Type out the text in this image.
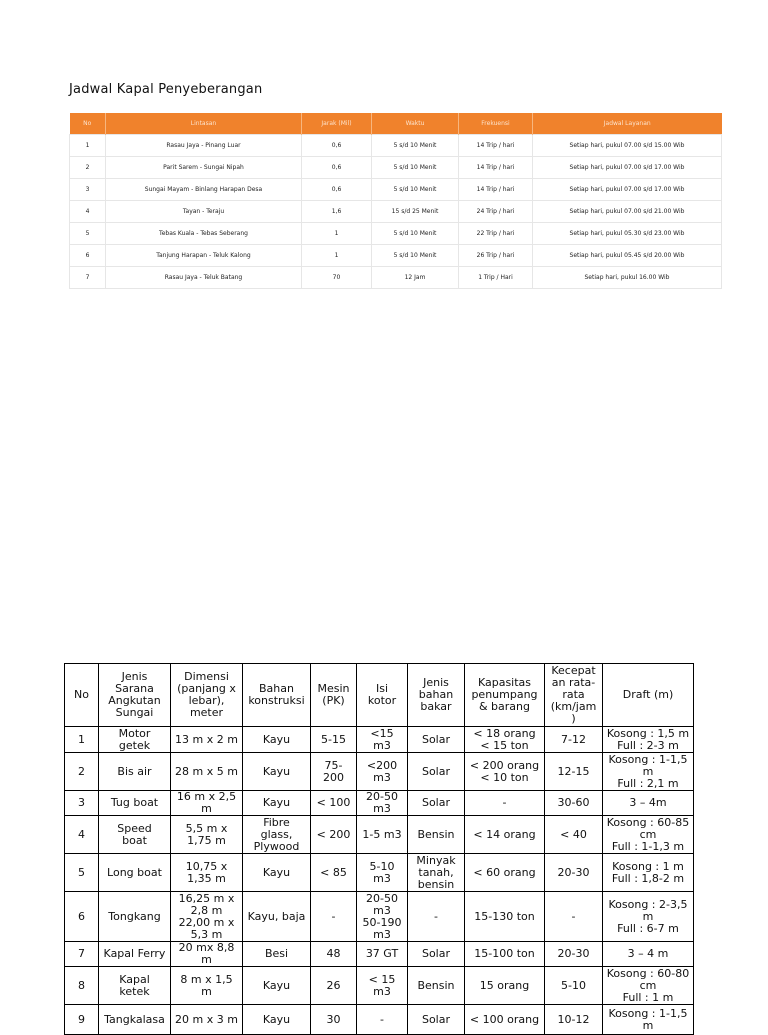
Jadwal Kapal Penyeberangan
No	Lintasan	Jarak (Mil)	Waktu	Frekuensi	Jadwal Layanan
1	Rasau Jaya - Pinang Luar	0,6	5 s/d 10 Menit	14 Trip / hari	Setiap hari, pukul 07.00 s/d 15.00 Wib
2	Parit Sarem - Sungai Nipah	0,6	5 s/d 10 Menit	14 Trip / hari	Setiap hari, pukul 07.00 s/d 17.00 Wib
3	Sungai Mayam - Binlang Harapan Desa	0,6	5 s/d 10 Menit	14 Trip / hari	Setiap hari, pukul 07.00 s/d 17.00 Wib
4	Tayan - Teraju	1,6	15 s/d 25 Menit	24 Trip / hari	Setiap hari, pukul 07.00 s/d 21.00 Wib
5	Tebas Kuala - Tebas Seberang	1	5 s/d 10 Menit	22 Trip / hari	Setiap hari, pukul 05.30 s/d 23.00 Wib
6	Tanjung Harapan - Teluk Kalong	1	5 s/d 10 Menit	26 Trip / hari	Setiap hari, pukul 05.45 s/d 20.00 Wib
7	Rasau Jaya - Teluk Batang	70	12 Jam	1 Trip / Hari	Setiap hari, pukul 16.00 Wib
No	Jenis
Sarana
Angkutan
Sungai	Dimensi
(panjang x
lebar),
meter	Bahan
konstruksi	Mesin
(PK)	Isi
kotor	Jenis
bahan
bakar	Kapasitas
penumpang
& barang	Kecepat
an rata-
rata
(km/jam
)	Draft (m)

1	Motor
getek	13 m x 2 m	Kayu	5-15	<15
m3	Solar	< 18 orang
< 15 ton	7-12	Kosong : 1,5 m
Full : 2-3 m

2	Bis air	28 m x 5 m	Kayu	75-
200	<200
m3	Solar	< 200 orang
< 10 ton	12-15	Kosong : 1-1,5
m
Full : 2,1 m

3	Tug boat	16 m x 2,5
m	Kayu	< 100	20-50
m3	Solar	-	30-60	3 – 4m

4	Speed
boat	5,5 m x
1,75 m	Fibre
glass,
Plywood	< 200	1-5 m3	Bensin	< 14 orang	< 40	Kosong : 60-85
cm
Full : 1-1,3 m

5	Long boat	10,75 x
1,35 m	Kayu	< 85	5-10
m3	Minyak
tanah,
bensin	< 60 orang	20-30	Kosong : 1 m
Full : 1,8-2 m

6	Tongkang	16,25 m x
2,8 m
22,00 m x
5,3 m	Kayu, baja	-	20-50
m3
50-190
m3	-	15-130 ton	-	Kosong : 2-3,5
m
Full : 6-7 m

7	Kapal Ferry	20 mx 8,8
m	Besi	48	37 GT	Solar	15-100 ton	20-30	3 – 4 m

8	Kapal
ketek	8 m x 1,5
m	Kayu	26	< 15
m3	Bensin	15 orang	5-10	Kosong : 60-80
cm
Full : 1 m

9	Tangkalasa	20 m x 3 m	Kayu	30	-	Solar	< 100 orang	10-12	Kosong : 1-1,5
m
